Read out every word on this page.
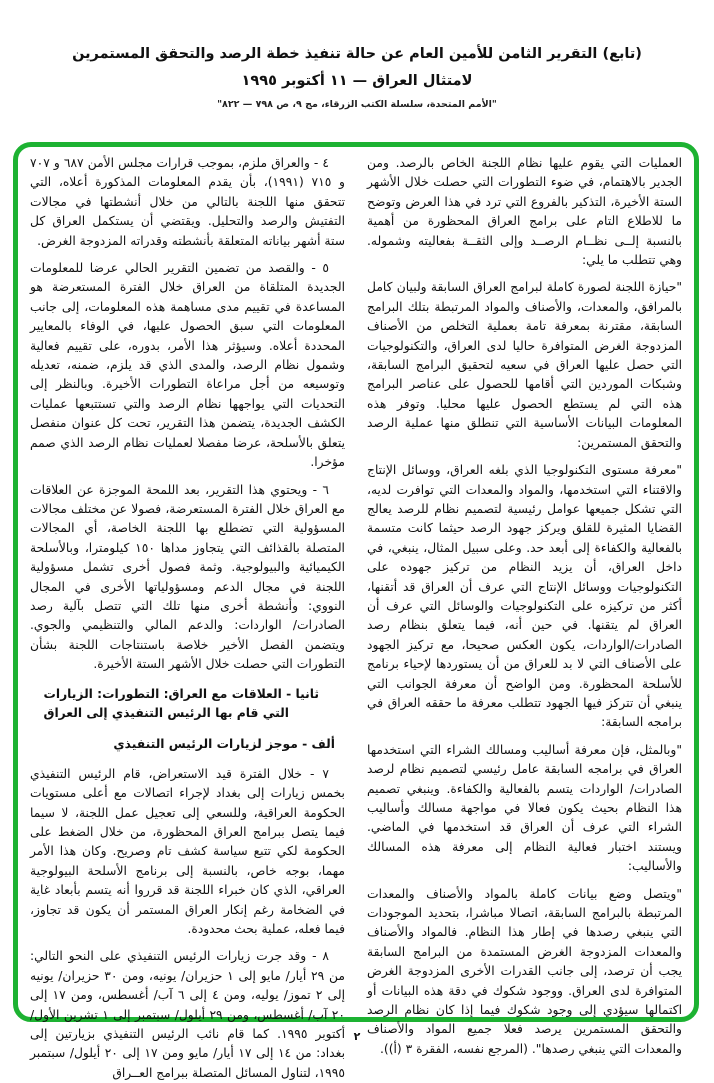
(تابع) التقرير الثامن للأمين العام عن حالة تنفيذ خطة الرصد والتحقق المستمرين
لامتثال العراق — ١١ أكتوبر ١٩٩٥
"الأمم المتحدة، سلسلة الكتب الزرقاء، مج ٩، ص ٧٩٨ — ٨٢٢"

العمليات التي يقوم عليها نظام اللجنة الخاص بالرصد. ومن الجدير بالاهتمام، في ضوء التطورات التي حصلت خلال الأشهر الستة الأخيرة، التذكير بالفروع التي ترد في هذا العرض وتوضح ما للاطلاع التام على برامج العراق المحظورة من أهمية بالنسبة إلــى نظــام الرصــد وإلى الثقــة بفعاليته وشموله. وهي تتطلب ما يلي:

"حيازة اللجنة لصورة كاملة لبرامج العراق السابقة ولبيان كامل بالمرافق، والمعدات، والأصناف والمواد المرتبطة بتلك البرامج السابقة، مقترنة بمعرفة تامة بعملية التخلص من الأصناف المزدوجة الغرض المتوافرة حاليا لدى العراق، والتكنولوجيات التي حصل عليها العراق في سعيه لتحقيق البرامج السابقة، وشبكات الموردين التي أقامها للحصول على عناصر البرامج هذه التي لم يستطع الحصول عليها محليا. وتوفر هذه المعلومات البيانات الأساسية التي تنطلق منها عملية الرصد والتحقق المستمرين:

"معرفة مستوى التكنولوجيا الذي بلغه العراق، ووسائل الإنتاج والاقتناء التي استخدمها، والمواد والمعدات التي توافرت لديه، التي تشكل جميعها عوامل رئيسية لتصميم نظام للرصد يعالج القضايا المثيرة للقلق ويركز جهود الرصد حيثما كانت متسمة بالفعالية والكفاءة إلى أبعد حد. وعلى سبيل المثال، ينبغي، في داخل العراق، أن يزيد النظام من تركيز جهوده على التكنولوجيات ووسائل الإنتاج التي عرف أن العراق قد أتقنها، أكثر من تركيزه على التكنولوجيات والوسائل التي عرف أن العراق لم يتقنها. في حين أنه، فيما يتعلق بنظام رصد الصادرات/الواردات، يكون العكس صحيحا، مع تركيز الجهود على الأصناف التي لا بد للعراق من أن يستوردها لإحياء برنامج للأسلحة المحظورة. ومن الواضح أن معرفة الجوانب التي ينبغي أن تتركز فيها الجهود تتطلب معرفة ما حققه العراق في برامجه السابقة:

"وبالمثل، فإن معرفة أساليب ومسالك الشراء التي استخدمها العراق في برامجه السابقة عامل رئيسي لتصميم نظام لرصد الصادرات/ الواردات يتسم بالفعالية والكفاءة. وينبغي تصميم هذا النظام بحيث يكون فعالا في مواجهة مسالك وأساليب الشراء التي عرف أن العراق قد استخدمها في الماضي. ويستند اختبار فعالية النظام إلى معرفة هذه المسالك والأساليب:

"ويتصل وضع بيانات كاملة بالمواد والأصناف والمعدات المرتبطة بالبرامج السابقة، اتصالا مباشرا، بتحديد الموجودات التي ينبغي رصدها في إطار هذا النظام. فالمواد والأصناف والمعدات المزدوجة الغرض المستمدة من البرامج السابقة يجب أن ترصد، إلى جانب القدرات الأخرى المزدوجة الغرض المتوافرة لدى العراق. ووجود شكوك في دقة هذه البيانات أو اكتمالها سيؤدي إلى وجود شكوك فيما إذا كان نظام الرصد والتحقق المستمرين يرصد فعلا جميع المواد والأصناف والمعدات التي ينبغي رصدها". (المرجع نفسه، الفقرة ٣ (أ)).

٤ - والعراق ملزم، بموجب قرارات مجلس الأمن ٦٨٧ و ٧٠٧ و ٧١٥ (١٩٩١)، بأن يقدم المعلومات المذكورة أعلاه، التي تتحقق منها اللجنة بالتالي من خلال أنشطتها في مجالات التفتيش والرصد والتحليل. ويقتضي أن يستكمل العراق كل ستة أشهر بياناته المتعلقة بأنشطته وقدراته المزدوجة الغرض.

٥ - والقصد من تضمين التقرير الحالي عرضا للمعلومات الجديدة المتلقاة من العراق خلال الفترة المستعرضة هو المساعدة في تقييم مدى مساهمة هذه المعلومات، إلى جانب المعلومات التي سبق الحصول عليها، في الوفاء بالمعايير المحددة أعلاه. وسيؤثر هذا الأمر، بدوره، على تقييم فعالية وشمول نظام الرصد، والمدى الذي قد يلزم، ضمنه، تعديله وتوسيعه من أجل مراعاة التطورات الأخيرة. وبالنظر إلى التحديات التي يواجهها نظام الرصد والتي تستتبعها عمليات الكشف الجديدة، يتضمن هذا التقرير، تحت كل عنوان منفصل يتعلق بالأسلحة، عرضا مفصلا لعمليات نظام الرصد الذي صمم مؤخرا.

٦ - ويحتوي هذا التقرير، بعد اللمحة الموجزة عن العلاقات مع العراق خلال الفترة المستعرضة، فصولا عن مختلف مجالات المسؤولية التي تضطلع بها اللجنة الخاصة، أي المجالات المتصلة بالقذائف التي يتجاوز مداها ١٥٠ كيلومترا، وبالأسلحة الكيميائية والبيولوجية. وثمة فصول أخرى تشمل مسؤولية اللجنة في مجال الدعم ومسؤولياتها الأخرى في المجال النووي: وأنشطة أخرى منها تلك التي تتصل بآلية رصد الصادرات/ الواردات: والدعم المالي والتنظيمي والجوي. ويتضمن الفصل الأخير خلاصة باستنتاجات اللجنة بشأن التطورات التي حصلت خلال الأشهر الستة الأخيرة.

ثانيا - العلاقات مع العراق: التطورات: الزيارات
التي قام بها الرئيس التنفيذي إلى العراق
ألف - موجز لزيارات الرئيس التنفيذي

٧ - خلال الفترة قيد الاستعراض، قام الرئيس التنفيذي بخمس زيارات إلى بغداد لإجراء اتصالات مع أعلى مستويات الحكومة العراقية، وللسعي إلى تعجيل عمل اللجنة، لا سيما فيما يتصل ببرامج العراق المحظورة، من خلال الضغط على الحكومة لكي تتبع سياسة كشف تام وصريح. وكان هذا الأمر مهما، بوجه خاص، بالنسبة إلى برنامج الأسلحة البيولوجية العراقي، الذي كان خبراء اللجنة قد قرروا أنه يتسم بأبعاد غاية في الضخامة رغم إنكار العراق المستمر أن يكون قد تجاوز، فيما فعله، عملية بحث محدودة.

٨ - وقد جرت زيارات الرئيس التنفيذي على النحو التالي: من ٢٩ أيار/ مايو إلى ١ حزيران/ يونيه، ومن ٣٠ حزيران/ يونيه إلى ٢ تموز/ يوليه، ومن ٤ إلى ٦ آب/ أغسطس، ومن ١٧ إلى ٢٠ آب/ أغسطس، ومن ٢٩ أيلول/ سبتمبر إلى ١ تشرين الأول/ أكتوبر ١٩٩٥. كما قام نائب الرئيس التنفيذي بزيارتين إلى بغداد: من ١٤ إلى ١٧ أيار/ مايو ومن ١٧ إلى ٢٠ أيلول/ سبتمبر ١٩٩٥، لتناول المسائل المتصلة ببرامج العــراق

٢
